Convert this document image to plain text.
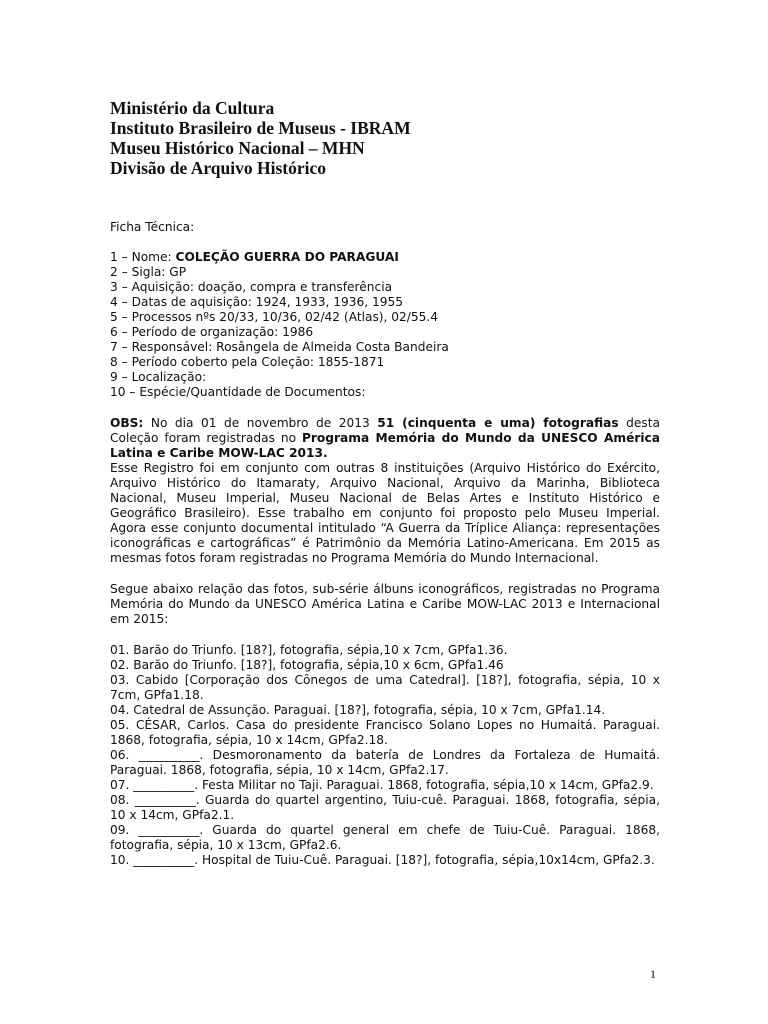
Ministério da Cultura
Instituto Brasileiro de Museus - IBRAM
Museu Histórico Nacional – MHN
Divisão de Arquivo Histórico
Ficha Técnica:
1 – Nome: COLEÇÃO GUERRA DO PARAGUAI
2 – Sigla: GP
3 – Aquisição: doação, compra e transferência
4 – Datas de aquisição: 1924, 1933, 1936, 1955
5 – Processos nºs 20/33, 10/36, 02/42 (Atlas), 02/55.4
6 – Período de organização: 1986
7 – Responsável: Rosângela de Almeida Costa Bandeira
8 – Período coberto pela Coleção: 1855-1871
9 – Localização:
10 – Espécie/Quantidade de Documentos:
OBS: No dia 01 de novembro de 2013 51 (cinquenta e uma) fotografias desta Coleção foram registradas no Programa Memória do Mundo da UNESCO América Latina e Caribe MOW-LAC 2013.
Esse Registro foi em conjunto com outras 8 instituições (Arquivo Histórico do Exército, Arquivo Histórico do Itamaraty, Arquivo Nacional, Arquivo da Marinha, Biblioteca Nacional, Museu Imperial, Museu Nacional de Belas Artes e Instituto Histórico e Geográfico Brasileiro). Esse trabalho em conjunto foi proposto pelo Museu Imperial. Agora esse conjunto documental intitulado “A Guerra da Tríplice Aliança: representações iconográficas e cartográficas” é Patrimônio da Memória Latino-Americana. Em 2015 as mesmas fotos foram registradas no Programa Memória do Mundo Internacional.
Segue abaixo relação das fotos, sub-série álbuns iconográficos, registradas no Programa Memória do Mundo da UNESCO América Latina e Caribe MOW-LAC 2013 e Internacional em 2015:
01. Barão do Triunfo. [18?], fotografia, sépia,10 x 7cm, GPfa1.36.
02. Barão do Triunfo. [18?], fotografia, sépia,10 x 6cm, GPfa1.46
03. Cabido [Corporação dos Cônegos de uma Catedral]. [18?], fotografia, sépia, 10 x 7cm, GPfa1.18.
04. Catedral de Assunção. Paraguai. [18?], fotografia, sépia, 10 x 7cm, GPfa1.14.
05. CÉSAR, Carlos. Casa do presidente Francisco Solano Lopes no Humaitá. Paraguai. 1868, fotografia, sépia, 10 x 14cm, GPfa2.18.
06. __________. Desmoronamento da batería de Londres da Fortaleza de Humaitá. Paraguai. 1868, fotografia, sépia, 10 x 14cm, GPfa2.17.
07. __________. Festa Militar no Taji. Paraguai. 1868, fotografia, sépia,10 x 14cm, GPfa2.9.
08. __________. Guarda do quartel argentino, Tuiu-cuê. Paraguai. 1868, fotografia, sépia, 10 x 14cm, GPfa2.1.
09. __________. Guarda do quartel general em chefe de Tuiu-Cuê. Paraguai. 1868, fotografia, sépia, 10 x 13cm, GPfa2.6.
10. __________. Hospital de Tuiu-Cuê. Paraguai. [18?], fotografia, sépia,10x14cm, GPfa2.3.
1
